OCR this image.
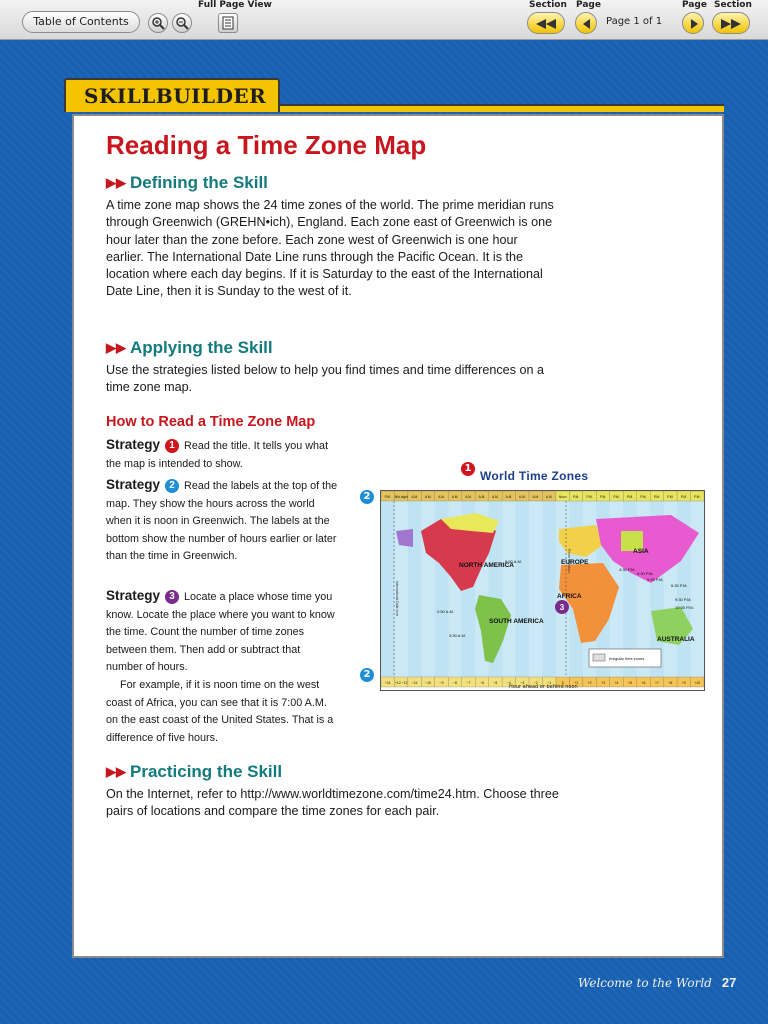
Table of Contents
Full Page View	Section Page
Page 1 of 1
Page Section
SKILLBUILDER
Reading a Time Zone Map
▶▶ Defining the Skill
A time zone map shows the 24 time zones of the world. The prime meridian runs through Greenwich (GREHN•ich), England. Each zone east of Greenwich is one hour later than the zone before. Each zone west of Greenwich is one hour earlier. The International Date Line runs through the Pacific Ocean. It is the location where each day begins. If it is Saturday to the east of the International Date Line, then it is Sunday to the west of it.
▶▶ Applying the Skill
Use the strategies listed below to help you find times and time differences on a time zone map.
How to Read a Time Zone Map
Strategy 1 Read the title. It tells you what the map is intended to show.
Strategy 2 Read the labels at the top of the map. They show the hours across the world when it is noon in Greenwich. The labels at the bottom show the number of hours earlier or later than the time in Greenwich.
Strategy 3 Locate a place whose time you know. Locate the place where you want to know the time. Count the number of time zones between them. Then add or subtract that number of hours.
For example, if it is noon time on the west coast of Africa, you can see that it is 7:00 A.M. on the east coast of the United States. That is a difference of five hours.
1
World Time Zones
2
2
NORTH AMERICA
SOUTH AMERICA
EUROPE
AFRICA
ASIA
AUSTRALIA
8:50 A.M.
2:50 A.M.
3:30 A.M.
4:30 P.M.
5:30 P.M.
5:45 P.M.
6:30 P.M.
9:30 P.M.
10:30 P.M.
Prime Meridian
International Date Line	3
Irregular time zones
P.M. Mid-night A.M. A.M. A.M. A.M. A.M. A.M. A.M. A.M. A.M. A.M. A.M. Noon P.M. P.M. P.M. P.M. P.M. P.M. P.M. P.M. P.M. P.M.
+11 +12 −12 −11 −10	−9	−8	−7	−6	−5	−4	−3	−2	−1	0	+1	+2	+3	+4	+5	+6	+7	+8	+9	+10
Hour ahead or behind noon
▶▶ Practicing the Skill
On the Internet, refer to http://www.worldtimezone.com/time24.htm. Choose three pairs of locations and compare the time zones for each pair.
Welcome to the World 27
